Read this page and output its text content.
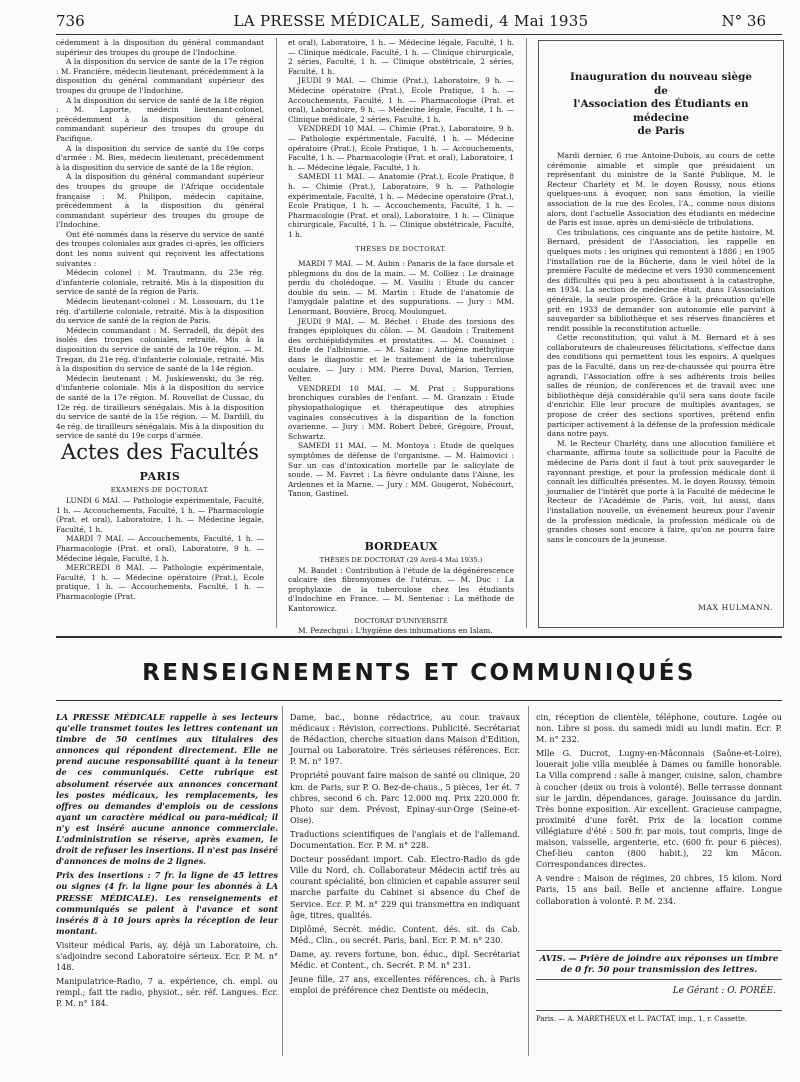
736	LA PRESSE MÉDICALE, Samedi, 4 Mai 1935	N° 36

cédemment à la disposition du général commandant supérieur des troupes du groupe de l'Indochine.

A la disposition du service de santé de la 17e région : M. Francière, médecin lieutenant, précédemment à la disposition du général commandant supérieur des troupes du groupe de l'Indochine.

A la disposition du service de santé de la 18e région : M. Laporte, médecin lieutenant-colonel, précédemment à la disposition du général commandant supérieur des troupes du groupe du Pacifique.

A la disposition du service de santé du 19e corps d'armée : M. Bies, médecin lieutenant, précédemment à la disposition du service de santé de la 18e région.

A la disposition du général commandant supérieur des troupes du groupe de l'Afrique occidentale française : M. Philipon, médecin capitaine, précédemment à la disposition du général commandant supérieur des troupes du groupe de l'Indochine.

Ont été nommés dans la réserve du service de santé des troupes coloniales aux grades ci-après, les officiers dont les noms suivent qui reçoivent les affectations suivantes :

Médecin colonel : M. Trautmann, du 23e rég. d'infanterie coloniale, retraité. Mis à la disposition du service de santé de la région de Paris.

Médecin lieutenant-colonel : M. Lossouarn, du 11e rég. d'artillerie coloniale, retraité. Mis à la disposition du service de santé de la région de Paris.

Médecin commandant : M. Serradell, du dépôt des isolés des troupes coloniales, retraité. Mis à la disposition du service de santé de la 10e région. — M. Tregan, du 21e rég. d'infanterie coloniale, retraité. Mis à la disposition du service de santé de la 14e région.

Médecin lieutenant : M. Juskiewenski, du 3e rég. d'infanterie coloniale. Mis à la disposition du service de santé de la 17e région. M. Rouvellat de Cussac, du 12e rég. de tirailleurs sénégalais. Mis à la disposition du service de santé de la 15e région. — M. Dardill, du 4e rég. de tirailleurs sénégalais. Mis à la disposition du service de santé du 19e corps d'armée.

Actes des Facultés
PARIS
EXAMENS DE DOCTORAT.

LUNDI 6 MAI. — Pathologie expérimentale, Faculté, 1 h. — Accouchements, Faculté, 1 h. — Pharmacologie (Prat. et oral), Laboratoire, 1 h. — Médecine légale, Faculté, 1 h.

MARDI 7 MAI. — Accouchements, Faculté, 1 h. — Pharmacologie (Prat. et oral), Laboratoire, 9 h. — Médecine légale, Faculté, 1 h.

MERCREDI 8 MAI. — Pathologie expérimentale, Faculté, 1 h. — Médecine opératoire (Prat.), Ecole pratique, 1 h. — Accouchements, Faculté, 1 h. — Pharmacologie (Prat.

et oral), Laboratoire, 1 h. — Médecine légale, Faculté, 1 h. — Clinique médicale, Faculté, 1 h. — Clinique chirurgicale, 2 séries, Faculté, 1 h. — Clinique obstétricale, 2 séries, Faculté, 1 h.

JEUDI 9 MAI. — Chimie (Prat.), Laboratoire, 9 h. — Médecine opératoire (Prat.), Ecole Pratique, 1 h. — Accouchements, Faculté, 1 h. — Pharmacologie (Prat. et oral), Laboratoire, 9 h. — Médecine légale, Faculté, 1 h. — Clinique médicale, 2 séries, Faculté, 1 h.

VENDREDI 10 MAI. — Chimie (Prat.), Laboratoire, 9 h. — Pathologie expérimentale, Faculté, 1 h. — Médecine opératoire (Prat.), Ecole Pratique, 1 h. — Accouchements, Faculté, 1 h. — Pharmacologie (Prat. et oral), Laboratoire, 1 h. — Médecine légale, Faculté, 1 h.

SAMEDI 11 MAI. — Anatomie (Prat.), Ecole Pratique, 8 h. — Chimie (Prat.), Laboratoire, 9 h. — Pathologie expérimentale, Faculté, 1 h. — Médecine opératoire (Prat.), Ecole Pratique, 1 h. — Accouchements, Faculté, 1 h. — Pharmacologie (Prat. et oral), Laboratoire, 1 h. — Clinique chirurgicale, Faculté, 1 h. — Clinique obstétricale, Faculté, 1 h.

THÈSES DE DOCTORAT.

MARDI 7 MAI. — M. Aubin : Panaris de la face dorsale et phlegmons du dos de la main. — M. Colliez : Le drainage perdu du cholédoque. — M. Vasiliu : Etude du cancer double du sein. — M. Martin : Etude de l'anatomie de l'amygdale palatine et des suppurations. — Jury : MM. Lenormant, Bouvière, Brocq, Moulonguet.

JEUDI 9 MAI. — M. Béchet : Etude des torsions des franges épiploïques du côlon. — M. Gaudoin : Traitement des orchiépididymites et prostatites. — M. Coussinet : Etude de l'albinisme. — M. Salzac : Antigène méthylique dans le diagnostic et le traitement de la tuberculose oculaire. — Jury : MM. Pierre Duval, Marion, Terrien, Velter.

VENDREDI 10 MAI. — M. Prat : Suppurations bronchiques curables de l'enfant. — M. Granzain : Etude physiopathologique et thérapeutique des atrophies vaginales consécutives à la disparition de la fonction ovarienne. — Jury : MM. Robert Debré, Grégoire, Proust, Schwartz.

SAMEDI 11 MAI. — M. Montoya : Etude de quelques symptômes de défense de l'organisme. — M. Haimovici : Sur un cas d'intoxication mortelle par le salicylate de soude. — M. Favret : La fièvre ondulante dans l'Aisne, les Ardennes et la Marne. — Jury : MM. Gougerot, Nobécourt, Tanon, Gastinel.

BORDEAUX

THÈSES DE DOCTORAT (29 Avril-4 Mai 1935.)

M. Baudet : Contribution à l'étude de la dégénérescence calcaire des fibromyomes de l'utérus. — M. Duc : La prophylaxie de la tuberculose chez les étudiants d'Indochine en France. — M. Sentenac : La méthode de Kantorowicz.

DOCTORAT D'UNIVERSITÉ

M. Pezechgui : L'hygiène des inhumations en Islam.

Inauguration du nouveau siège
de
l'Association des Étudiants en médecine
de Paris

Mardi dernier, 6 rue Antoine-Dubois, au cours de cette cérémonie aimable et simple que présidaient un représentant du ministre de la Santé Publique, M. le Recteur Charléty et M. le doyen Roussy, nous étions quelques-uns à évoquer, non sans émotion, la vieille association de la rue des Ecoles, l'A., comme nous disions alors, dont l'actuelle Association des étudiants en médecine de Paris est issue, après un demi-siècle de tribulations.

Ces tribulations, ces cinquante ans de petite histoire, M. Bernard, président de l'Association, les rappelle en quelques mots : les origines qui remontent à 1886 ; en 1905 l'installation rue de la Bûcherie, dans le vieil hôtel de la première Faculté de médecine et vers 1930 commencement des difficultés qui peu à peu aboutissent à la catastrophe, en 1934. La section de médecine était, dans l'Association générale, la seule prospère. Grâce à la précaution qu'elle prit en 1933 de demander son autonomie elle parvint à sauvegarder sa bibliothèque et ses réserves financières et rendit possible la reconstitution actuelle.

Cette reconstitution, qui valut à M. Bernard et à ses collaborateurs de chaleureuses félicitations, s'effectue dans des conditions qui permettent tous les espoirs. A quelques pas de la Faculté, dans un rez-de-chaussée qui pourra être agrandi, l'Association offre à ses adhérents trois belles salles de réunion, de conférences et de travail avec une bibliothèque déjà considérable qu'il sera sans doute facile d'enrichir. Elle leur procure de multiples avantages, se propose de créer des sections sportives, prétend enfin participer activement à la défense de la profession médicale dans notre pays.

M. le Recteur Charléty, dans une allocution familière et charmante, affirma toute sa sollicitude pour la Faculté de médecine de Paris dont il faut à tout prix sauvegarder le rayonnant prestige, et pour la profession médicale dont il connaît les difficultés présentes. M. le doyen Roussy, témoin journalier de l'intérêt que porte à la Faculté de médecine le Recteur de l'Académie de Paris, voit, lui aussi, dans l'installation nouvelle, un événement heureux pour l'avenir de la profession médicale, la profession médicale où de grandes choses sont encore à faire, qu'on ne pourra faire sans le concours de la jeunesse.

MAX HULMANN.
RENSEIGNEMENTS ET COMMUNIQUÉS

LA PRESSE MÉDICALE rappelle à ses lecteurs qu'elle transmet toutes les lettres contenant un timbre de 50 centimes aux titulaires des annonces qui répondent directement. Elle ne prend aucune responsabilité quant à la teneur de ces communiqués. Cette rubrique est absolument réservée aux annonces concernant les postes médicaux, les remplacements, les offres ou demandes d'emplois ou de cessions ayant un caractère médical ou para-médical; il n'y est inséré aucune annonce commerciale. L'administration se réserve, après examen, le droit de refuser les insertions. Il n'est pas inséré d'annonces de moins de 2 lignes.

Prix des insertions : 7 fr. la ligne de 45 lettres ou signes (4 fr. la ligne pour les abonnés à LA PRESSE MÉDICALE). Les renseignements et communiqués se paient à l'avance et sont insérés 8 à 10 jours après la réception de leur montant.

Visiteur médical Paris, ay. déjà un Laboratoire, ch. s'adjoindre second Laboratoire sérieux. Ecr. P. M. n° 148.

Manipulatrice-Radio, 7 a. expérience, ch. empl. ou rempl.; fait tte radio, physiot., sér. réf. Langues. Ecr. P. M. n° 184.

Dame, bac., bonne rédactrice, au cour. travaux médicaux : Révision, corrections. Publicité. Secrétariat de Rédaction, cherche situation dans Maison d'Edition, Journal ou Laboratoire. Très sérieuses références. Ecr. P. M. n° 197.

Propriété pouvant faire maison de santé ou clinique, 20 km. de Paris, sur P. O. Bez-de-chaus., 5 pièces, 1er ét. 7 chbres, second 6 ch. Parc 12.000 mq. Prix 220.000 fr. Photo sur dem. Prévost, Epinay-sur-Orge (Seine-et-Oise).

Traductions scientifiques de l'anglais et de l'allemand. Documentation. Ecr. P. M. n° 228.

Docteur possédant import. Cab. Electro-Radio ds gde Ville du Nord, ch. Collaborateur Médecin actif très au courant spécialité, bon clinicien et capable assurer seul marche parfaite du Cabinet si absence du Chef de Service. Ecr. P. M. n° 229 qui transmettra en indiquant âge, titres, qualités.

Diplômé, Secrét. médic. Content. dés. sit. ds Cab. Méd., Clin., ou secrét. Paris, banl. Ecr. P. M. n° 230.

Dame, ay. revers fortune, bon. éduc., dipl. Secrétariat Médic. et Content., ch. Secrét. P. M. n° 231.

Jeune fille, 27 ans, excellentes références, ch. à Paris emploi de préférence chez Dentiste ou médecin,

cin, réception de clientèle, téléphone, couture. Logée ou non. Libre si poss. du samedi midi au lundi matin. Ecr. P. M. n° 232.

Mlle G. Ducrot, Lugny-en-Mâconnais (Saône-et-Loire), louerait jolie villa meublée à Dames ou famille honorable. La Villa comprend : salle à manger, cuisine, salon, chambre à coucher (deux ou trois à volonté). Belle terrasse donnant sur le jardin, dépendances, garage. Jouissance du jardin. Très bonne exposition. Air excellent. Gracieuse campagne, proximité d'une forêt. Prix de la location comme villégiature d'été : 500 fr. par mois, tout compris, linge de maison, vaisselle, argenterie, etc. (600 fr. pour 6 pièces). Chef-lieu canton (800 habit.), 22 km Mâcon. Correspondances directes.

A vendre : Maison de régimes, 20 chbres, 15 kilom. Nord Paris, 15 ans bail. Belle et ancienne affaire. Longue collaboration à volonté. P. M. 234.

AVIS. — Prière de joindre aux réponses un timbre de 0 fr. 50 pour transmission des lettres.
Le Gérant : O. PORÉE.
Paris. — A. MARETHEUX et L. PACTAT, imp., 1, r. Cassette.
